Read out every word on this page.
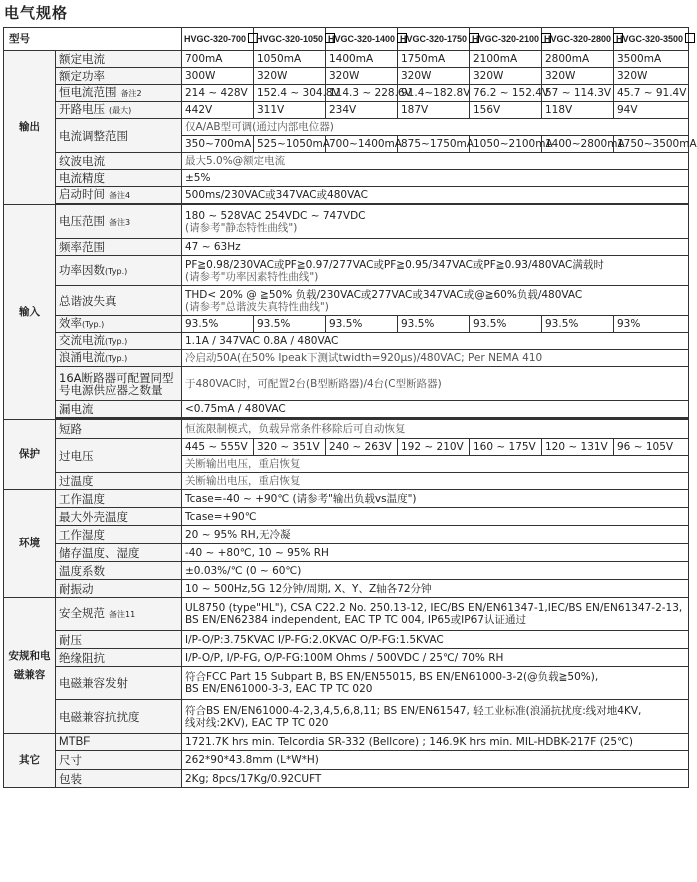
电气规格
型号		HVGC-320-700	HVGC-320-1050	HVGC-320-1400	HVGC-320-1750	HVGC-320-2100	HVGC-320-2800	HVGC-320-3500
输出	额定电流	700mA	1050mA	1400mA	1750mA	2100mA	2800mA	3500mA
	额定功率	300W	320W	320W	320W	320W	320W	320W
	恒电流范围 备注2	214 ~ 428V	152.4 ~ 304.8V	114.3 ~ 228.6V	91.4~182.8V	76.2 ~ 152.4V	57 ~ 114.3V	45.7 ~ 91.4V
	开路电压 (最大)	442V	311V	234V	187V	156V	118V	94V
	电流调整范围	仅A/AB型可调(通过内部电位器)						
		350~700mA	525~1050mA	700~1400mA	875~1750mA	1050~2100mA	1400~2800mA	1750~3500mA
	纹波电流	最大5.0%@额定电流						
	电流精度	±5%						
	启动时间 备注4	500ms/230VAC或347VAC或480VAC						

输入	电压范围 备注3	180 ~ 528VAC 254VDC ~ 747VDC
(请参考"静态特性曲线")						

	频率范围	47 ~ 63Hz						
	功率因数(Typ.)	PF≧0.98/230VAC或PF≧0.97/277VAC或PF≧0.95/347VAC或PF≧0.93/480VAC满载时
(请参考"功率因素特性曲线")						

	总谐波失真	THD< 20% @ ≧50% 负载/230VAC或277VAC或347VAC或@≧60%负载/480VAC
(请参考"总谐波失真特性曲线")						

	效率(Typ.)	93.5%	93.5%	93.5%	93.5%	93.5%	93.5%	93%
	交流电流(Typ.)	1.1A / 347VAC 0.8A / 480VAC						
	浪涌电流(Typ.)	冷启动50A(在50% Ipeak下测试twidth=920μs)/480VAC; Per NEMA 410						
	16A断路器可配置同型号电源供应器之数量	于480VAC时，可配置2台(B型断路器)/4台(C型断路器)						
	漏电流	<0.75mA / 480VAC						

保护	短路	恒流限制模式，负载异常条件移除后可自动恢复						
	过电压	445 ~ 555V	320 ~ 351V	240 ~ 263V	192 ~ 210V	160 ~ 175V	120 ~ 131V	96 ~ 105V
		关断输出电压，重启恢复						
	过温度	关断输出电压，重启恢复						
环境	工作温度	Tcase=-40 ~ +90℃ (请参考"输出负载vs温度")						
	最大外壳温度	Tcase=+90℃						
	工作湿度	20 ~ 95% RH,无冷凝						
	储存温度、湿度	-40 ~ +80℃, 10 ~ 95% RH						
	温度系数	±0.03%/℃ (0 ~ 60℃)						
	耐振动	10 ~ 500Hz,5G 12分钟/周期, X、Y、Z轴各72分钟						
安规和电磁兼容	安全规范 备注11	UL8750 (type"HL"), CSA C22.2 No. 250.13-12, IEC/BS EN/EN61347-1,IEC/BS EN/EN61347-2-13,
BS EN/EN62384 independent, EAC TP TC 004, IP65或IP67认证通过						

	耐压	I/P-O/P:3.75KVAC I/P-FG:2.0KVAC O/P-FG:1.5KVAC						
	绝缘阻抗	I/P-O/P, I/P-FG, O/P-FG:100M Ohms / 500VDC / 25℃/ 70% RH						
	电磁兼容发射	符合FCC Part 15 Subpart B, BS EN/EN55015, BS EN/EN61000-3-2(@负载≧50%),
BS EN/EN61000-3-3, EAC TP TC 020						

	电磁兼容抗扰度	符合BS EN/EN61000-4-2,3,4,5,6,8,11; BS EN/EN61547, 轻工业标准(浪涌抗扰度:线对地4KV,
线对线:2KV), EAC TP TC 020						

其它	MTBF	1721.7K hrs min. Telcordia SR-332 (Bellcore) ; 146.9K hrs min. MIL-HDBK-217F (25℃)						
	尺寸	262*90*43.8mm (L*W*H)						
	包装	2Kg; 8pcs/17Kg/0.92CUFT						
